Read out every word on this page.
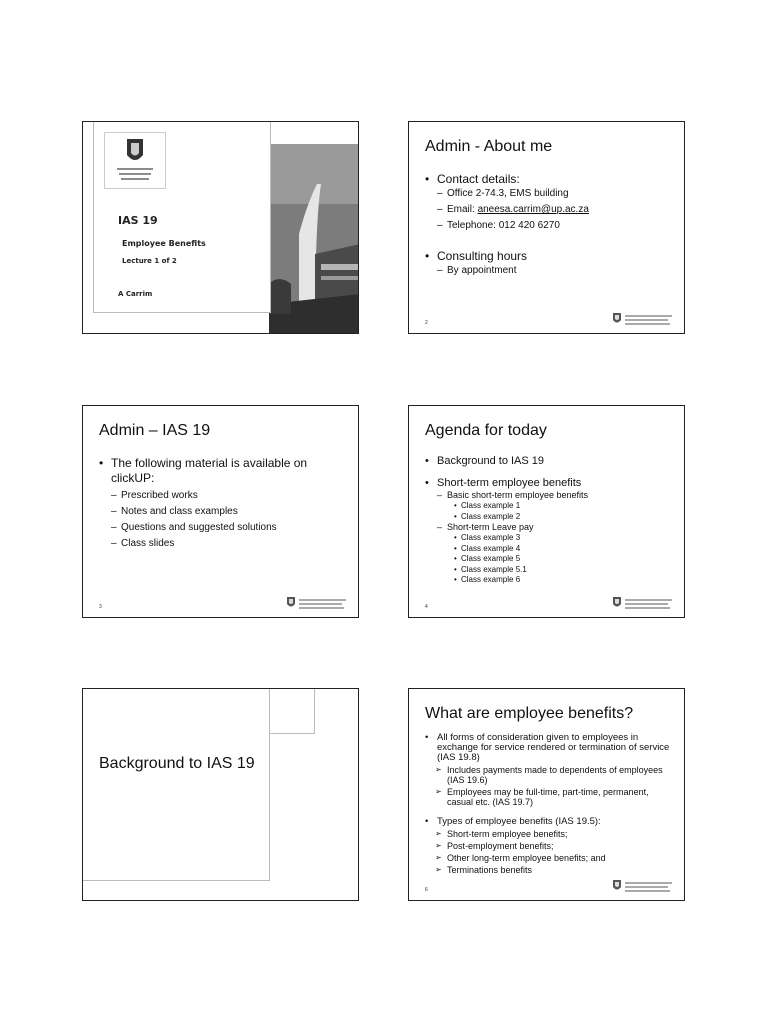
IAS 19
Employee Benefits
Lecture 1 of 2
A Carrim
Admin - About me

• Contact details:

– Office 2-74.3, EMS building

– Email: aneesa.carrim@up.ac.za

– Telephone: 012 420 6270

• Consulting hours

– By appointment

2
Admin – IAS 19

• The following material is available on clickUP:

– Prescribed works

– Notes and class examples

– Questions and suggested solutions

– Class slides

3
Agenda for today

• Background to IAS 19

• Short-term employee benefits

– Basic short-term employee benefits

• Class example 1

• Class example 2

– Short-term Leave pay

• Class example 3

• Class example 4

• Class example 5

• Class example 5.1

• Class example 6

4
Background to IAS 19
What are employee benefits?

• All forms of consideration given to employees in exchange for service rendered or termination of service (IAS 19.8)

➢ Includes payments made to dependents of employees (IAS 19.6)

➢ Employees may be full-time, part-time, permanent, casual etc. (IAS 19.7)

• Types of employee benefits (IAS 19.5):

➢ Short-term employee benefits;

➢ Post-employment benefits;

➢ Other long-term employee benefits; and

➢ Terminations benefits

6
